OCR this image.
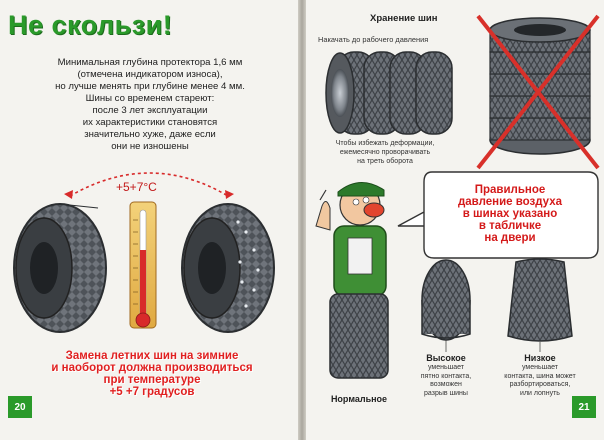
Не скользи!
Минимальная глубина протектора 1,6 мм
(отмечена индикатором износа),
но лучше менять при глубине менее 4 мм.
Шины со временем стареют:
после 3 лет эксплуатации
их характеристики становятся
значительно хуже, даже если
они не изношены
+5+7°С
Замена летних шин на зимние
и наоборот должна производиться
при температуре
+5 +7 градусов
20
Хранение шин
Накачать до рабочего давления
Чтобы избежать деформации,
ежемесячно проворачивать
на треть оборота
Правильное
давление воздуха
в шинах указано
в табличке
на двери
Нормальное
Высокое
уменьшает
пятно контакта,
возможен
разрыв шины
Низкое
уменьшает
контакта, шина может
разбортироваться,
или лопнуть
21
